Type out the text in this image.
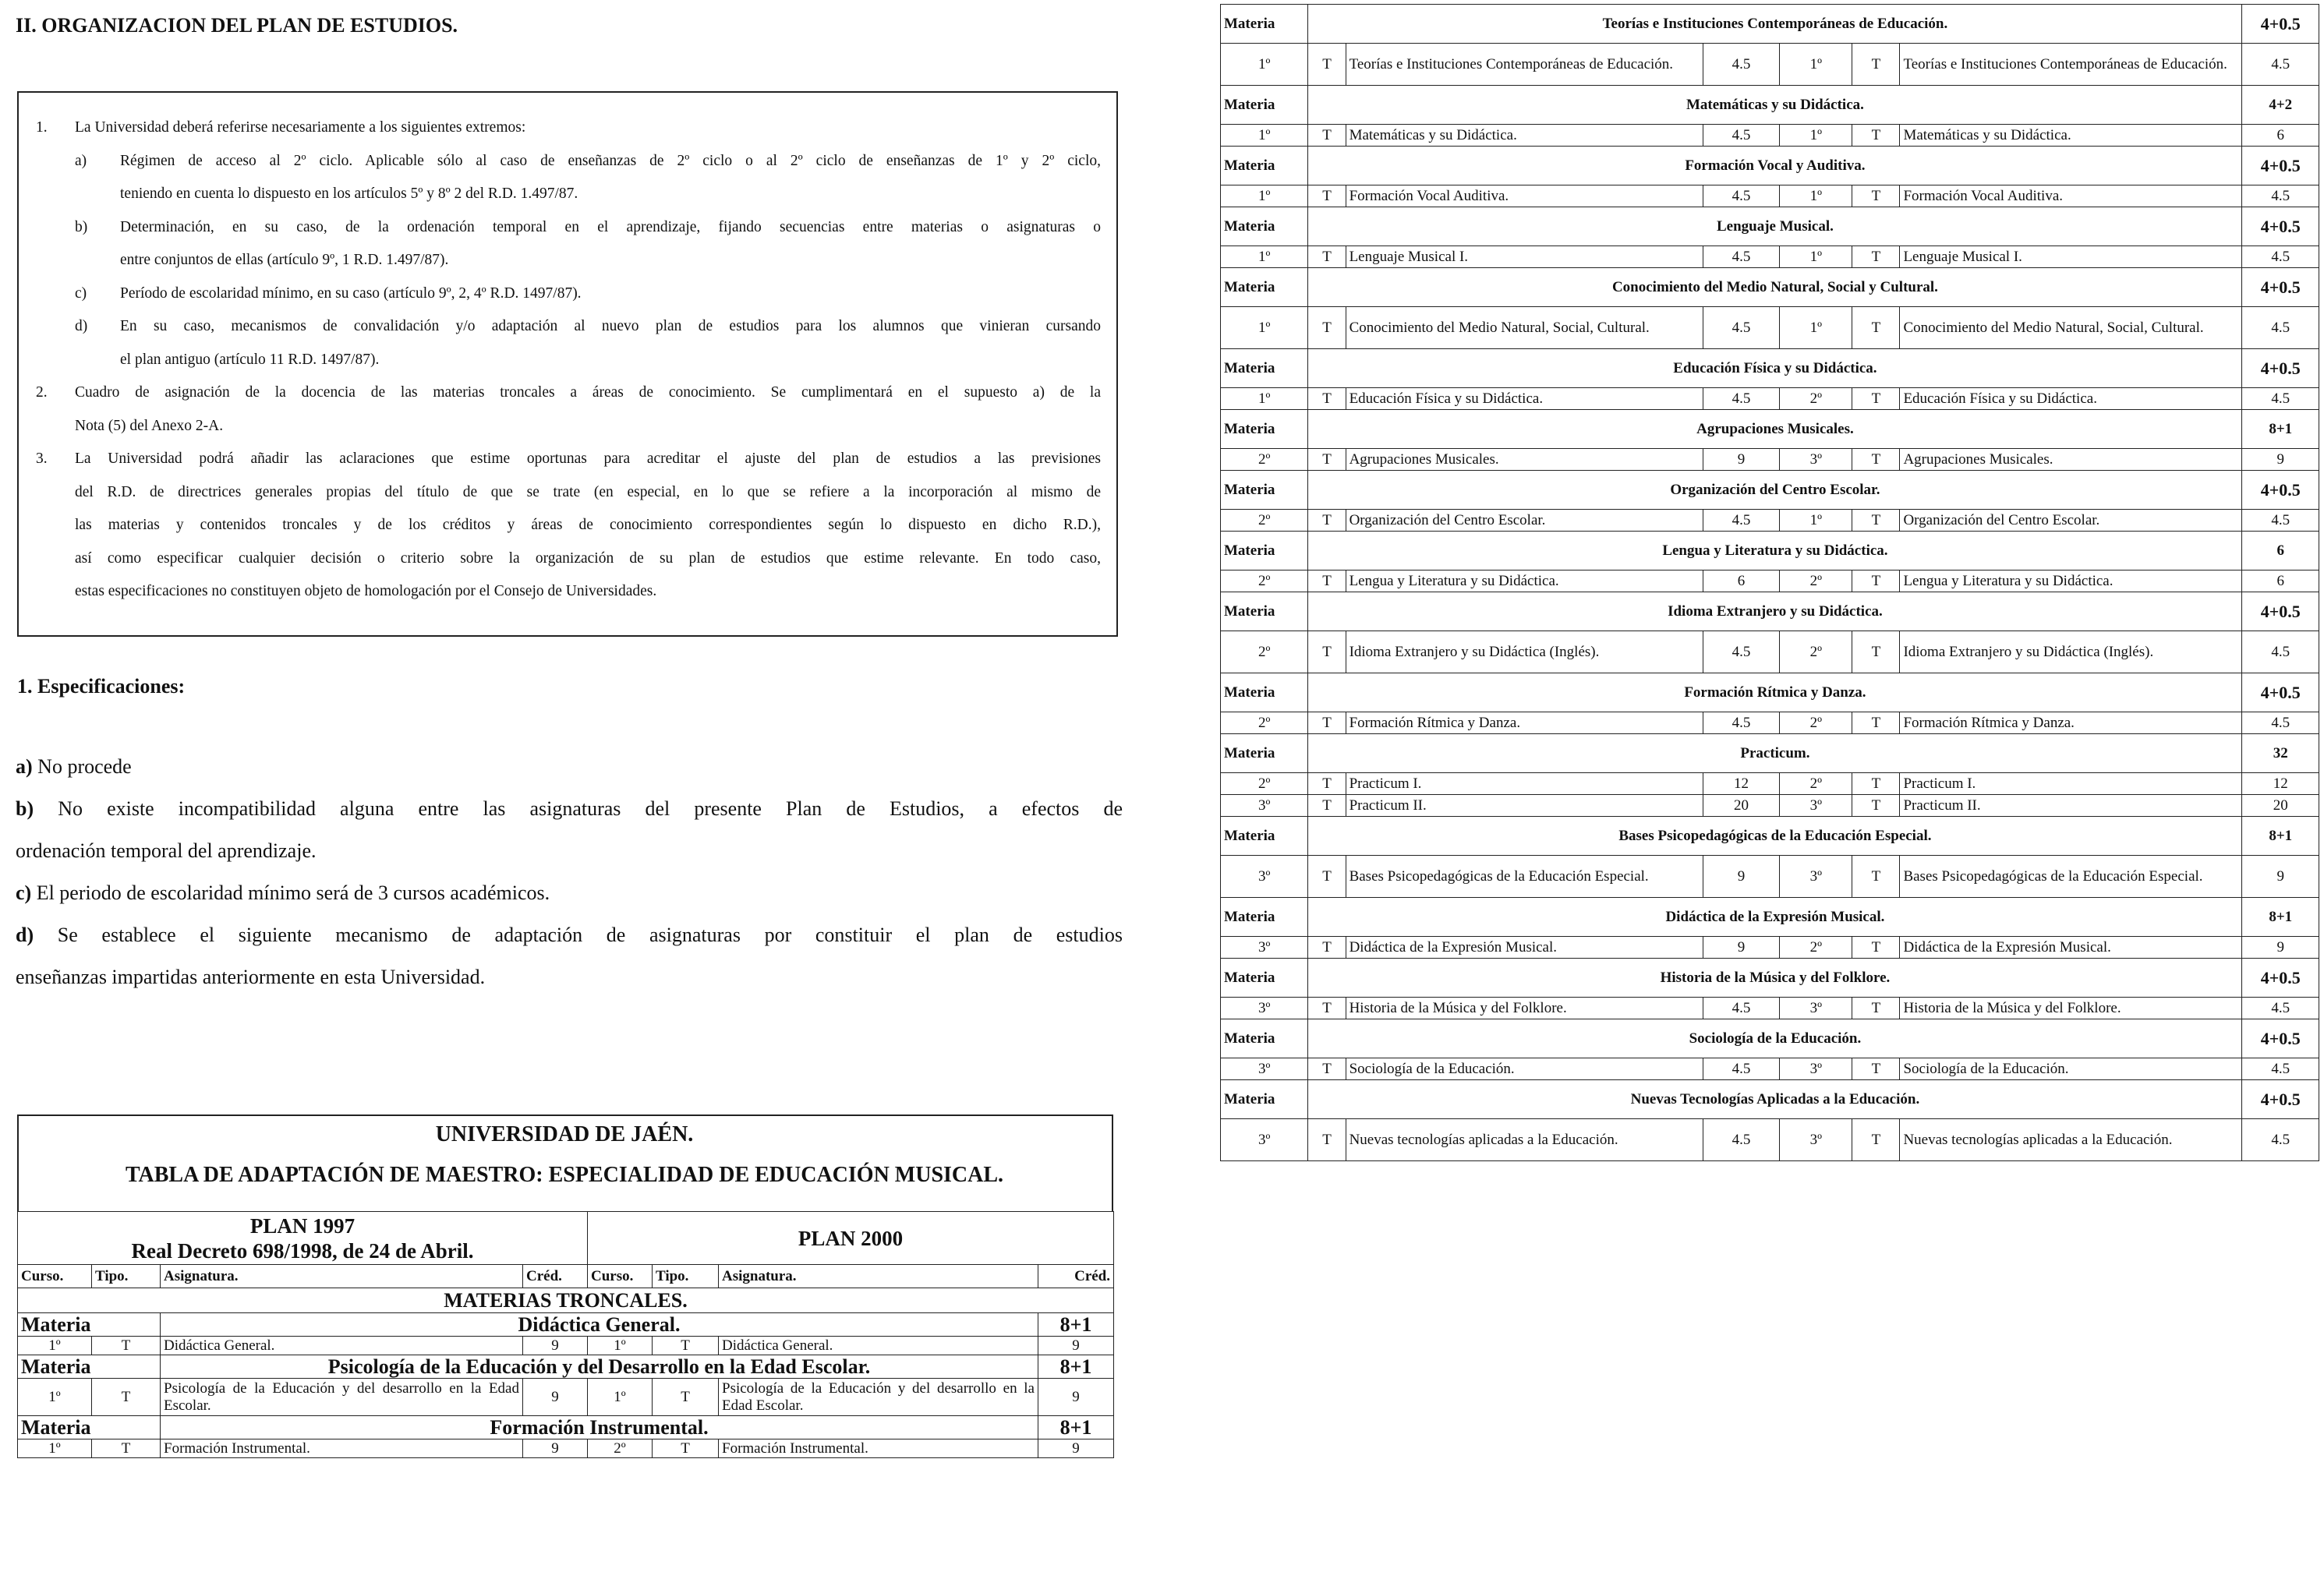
II. ORGANIZACION DEL PLAN DE ESTUDIOS.
1.	La Universidad deberá referirse necesariamente a los siguientes extremos:
a)	Régimen de acceso al 2º ciclo. Aplicable sólo al caso de enseñanzas de 2º ciclo o al 2º ciclo de enseñanzas de 1º y 2º ciclo,
teniendo en cuenta lo dispuesto en los artículos 5º y 8º 2 del R.D. 1.497/87.
b)	Determinación, en su caso, de la ordenación temporal en el aprendizaje, fijando secuencias entre materias o asignaturas o
entre conjuntos de ellas (artículo 9º, 1 R.D. 1.497/87).
c)	Período de escolaridad mínimo, en su caso (artículo 9º, 2, 4º R.D. 1497/87).
d)	En su caso, mecanismos de convalidación y/o adaptación al nuevo plan de estudios para los alumnos que vinieran cursando
el plan antiguo (artículo 11 R.D. 1497/87).
2.	Cuadro de asignación de la docencia de las materias troncales a áreas de conocimiento. Se cumplimentará en el supuesto a) de la
Nota (5) del Anexo 2-A.
3.	La Universidad podrá añadir las aclaraciones que estime oportunas para acreditar el ajuste del plan de estudios a las previsiones
del R.D. de directrices generales propias del título de que se trate (en especial, en lo que se refiere a la incorporación al mismo de
las materias y contenidos troncales y de los créditos y áreas de conocimiento correspondientes según lo dispuesto en dicho R.D.),
así como especificar cualquier decisión o criterio sobre la organización de su plan de estudios que estime relevante. En todo caso,
estas especificaciones no constituyen objeto de homologación por el Consejo de Universidades.
1. Especificaciones:
a) No procede
b) No existe incompatibilidad alguna entre las asignaturas del presente Plan de Estudios, a efectos de
ordenación temporal del aprendizaje.
c) El periodo de escolaridad mínimo será de 3 cursos académicos.
d) Se establece el siguiente mecanismo de adaptación de asignaturas por constituir el plan de estudios
enseñanzas impartidas anteriormente en esta Universidad.
UNIVERSIDAD DE JAÉN.
TABLA DE ADAPTACIÓN DE MAESTRO: ESPECIALIDAD DE EDUCACIÓN MUSICAL.
PLAN 1997
Real Decreto 698/1998, de 24 de Abril.				PLAN 2000			
Curso.	Tipo.	Asignatura.	Créd.	Curso.	Tipo.	Asignatura.	Créd.
MATERIAS TRONCALES.							
Materia		Didáctica General.					8+1
1º	T	Didáctica General.	9	1º	T	Didáctica General.	9
Materia		Psicología de la Educación y del Desarrollo en la Edad Escolar.					8+1
1º	T	Psicología de la Educación y del desarrollo en la Edad Escolar.	9	1º	T	Psicología de la Educación y del desarrollo en la Edad Escolar.	9
Materia		Formación Instrumental.					8+1
1º	T	Formación Instrumental.	9	2º	T	Formación Instrumental.	9
Materia	Teorías e Instituciones Contemporáneas de Educación.						4+0.5
1º	T	Teorías e Instituciones Contemporáneas de Educación.	4.5	1º	T	Teorías e Instituciones Contemporáneas de Educación.	4.5
Materia	Matemáticas y su Didáctica.						4+2
1º	T	Matemáticas y su Didáctica.	4.5	1º	T	Matemáticas y su Didáctica.	6
Materia	Formación Vocal y Auditiva.						4+0.5
1º	T	Formación Vocal Auditiva.	4.5	1º	T	Formación Vocal Auditiva.	4.5
Materia	Lenguaje Musical.						4+0.5
1º	T	Lenguaje Musical I.	4.5	1º	T	Lenguaje Musical I.	4.5
Materia	Conocimiento del Medio Natural, Social y Cultural.						4+0.5
1º	T	Conocimiento del Medio Natural, Social, Cultural.	4.5	1º	T	Conocimiento del Medio Natural, Social, Cultural.	4.5
Materia	Educación Física y su Didáctica.						4+0.5
1º	T	Educación Física y su Didáctica.	4.5	2º	T	Educación Física y su Didáctica.	4.5
Materia	Agrupaciones Musicales.						8+1
2º	T	Agrupaciones Musicales.	9	3º	T	Agrupaciones Musicales.	9
Materia	Organización del Centro Escolar.						4+0.5
2º	T	Organización del Centro Escolar.	4.5	1º	T	Organización del Centro Escolar.	4.5
Materia	Lengua y Literatura y su Didáctica.						6
2º	T	Lengua y Literatura y su Didáctica.	6	2º	T	Lengua y Literatura y su Didáctica.	6
Materia	Idioma Extranjero y su Didáctica.						4+0.5
2º	T	Idioma Extranjero y su Didáctica (Inglés).	4.5	2º	T	Idioma Extranjero y su Didáctica (Inglés).	4.5
Materia	Formación Rítmica y Danza.						4+0.5
2º	T	Formación Rítmica y Danza.	4.5	2º	T	Formación Rítmica y Danza.	4.5
Materia	Practicum.						32
2º	T	Practicum I.	12	2º	T	Practicum I.	12
3º	T	Practicum II.	20	3º	T	Practicum II.	20
Materia	Bases Psicopedagógicas de la Educación Especial.						8+1
3º	T	Bases Psicopedagógicas de la Educación Especial.	9	3º	T	Bases Psicopedagógicas de la Educación Especial.	9
Materia	Didáctica de la Expresión Musical.						8+1
3º	T	Didáctica de la Expresión Musical.	9	2º	T	Didáctica de la Expresión Musical.	9
Materia	Historia de la Música y del Folklore.						4+0.5
3º	T	Historia de la Música y del Folklore.	4.5	3º	T	Historia de la Música y del Folklore.	4.5
Materia	Sociología de la Educación.						4+0.5
3º	T	Sociología de la Educación.	4.5	3º	T	Sociología de la Educación.	4.5
Materia	Nuevas Tecnologías Aplicadas a la Educación.						4+0.5
3º	T	Nuevas tecnologías aplicadas a la Educación.	4.5	3º	T	Nuevas tecnologías aplicadas a la Educación.	4.5
